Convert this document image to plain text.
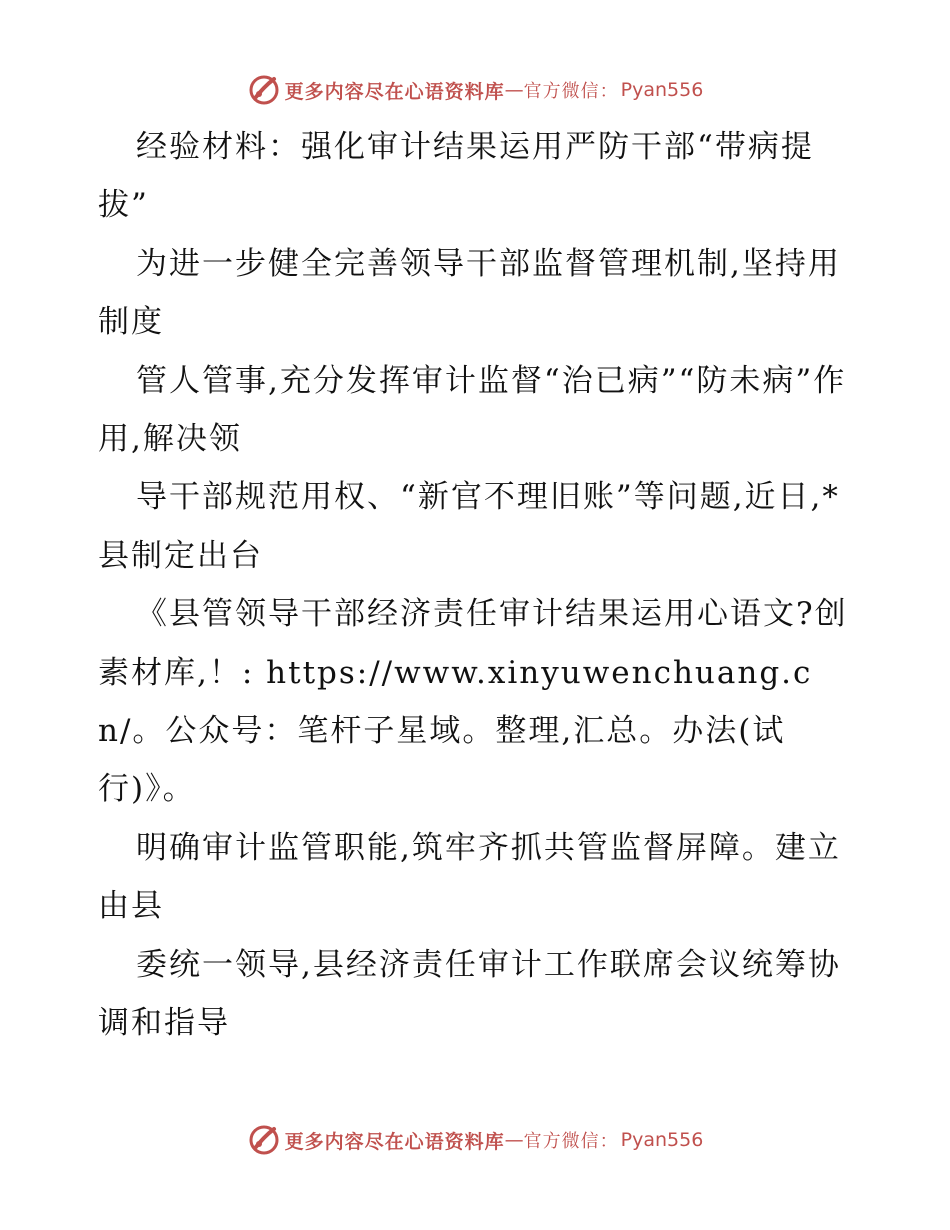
更多内容尽在心语资料库 — 官方微信： Pyan556

经验材料：强化审计结果运用严防干部“带病提拔”

为进一步健全完善领导干部监督管理机制,坚持用制度

管人管事,充分发挥审计监督“治已病”“防未病”作用,解决领

导干部规范用权、“新官不理旧账”等问题,近日,*县制定出台

《县管领导干部经济责任审计结果运用心语文?创素材库,！: https://www.xinyuwenchuang.cn/。公众号：笔杆子星域。整理,汇总。办法(试行)》。

明确审计监管职能,筑牢齐抓共管监督屏障。建立由县

委统一领导,县经济责任审计工作联席会议统筹协调和指导

更多内容尽在心语资料库 — 官方微信： Pyan556
